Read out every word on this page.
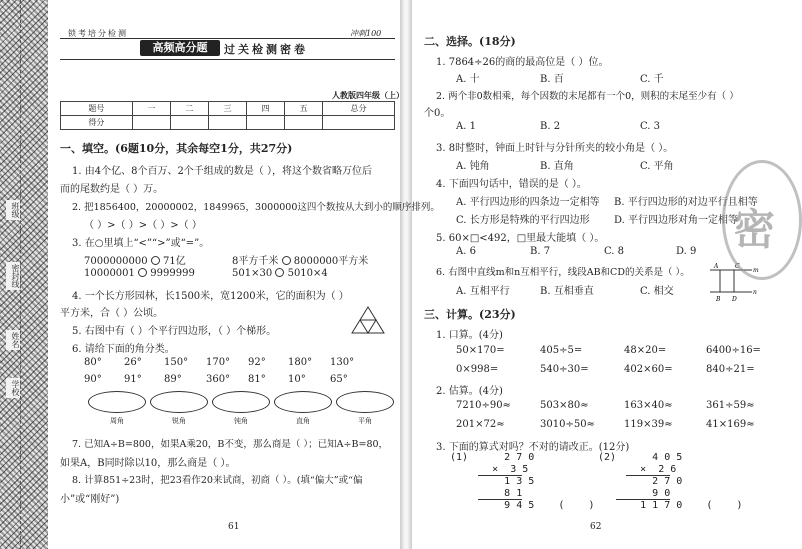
班级
密封线
姓名
学校
锁考培分检测	冲刺100
高频高分题	过关检测密卷
人教版四年级（上）
题号	一	二	三	四	五	总分
得分						
一、填空。(6题10分，其余每空1分，共27分)
1. 由4个亿、8个百万、2个千组成的数是（ ），将这个数省略万位后
而的尾数约是（ ）万。
2. 把1856400，20000002，1849965，3000000这四个数按从大到小的顺序排列。
（ ）>（ ）>（ ）>（ ）
3. 在○里填上“<”“>”或“=”。
7000000000 71亿	8平方千米 8000000平方米
10000001 9999999	501×30 5010×4
4. 一个长方形园林，长1500米，宽1200米，它的面积为（ ）
平方米，合（ ）公顷。
5. 右图中有（ ）个平行四边形，（ ）个梯形。
6. 请给下面的角分类。
80° 26° 150° 170° 92° 180° 130°
90° 91° 89° 360° 81° 10° 65°
周角	锐角	钝角	直角	平角
7. 已知A÷B=800，如果A乘20，B不变，那么商是（ ）；已知A÷B=80，
如果A，B同时除以10，那么商是（ ）。
8. 计算851÷23时，把23看作20来试商，初商（ ）。(填“偏大”或“偏
小”或“刚好”)
61
二、选择。(18分)
1. 7864÷26的商的最高位是（ ）位。
A. 十	B. 百	C. 千
2. 两个非0数相乘，每个因数的末尾都有一个0，则积的末尾至少有（ ）
个0。
A. 1	B. 2	C. 3
3. 8时整时，钟面上时针与分针所夹的较小角是（ ）。
A. 钝角	B. 直角	C. 平角
4. 下面四句话中，错误的是（ ）。
A. 平行四边形的四条边一定相等 B. 平行四边形的对边平行且相等
C. 长方形是特殊的平行四边形 D. 平行四边形对角一定相等
5. 60×□<492，□里最大能填（ ）。
A. 6	B. 7	C. 8	D. 9
6. 右图中直线m和n互相平行，线段AB和CD的关系是（ ）。
A. 互相平行	B. 互相垂直	C. 相交
A	C
m
n
B D
密
三、计算。(23分)
1. 口算。(4分)
50×170=	405÷5=	48×20=	6400÷16=
0×998=	540÷30=	402×60=	840÷21=
2. 估算。(4分)
7210÷90≈	503×80≈	163×40≈	361÷59≈
201×72≈	3010÷50≈	119×39≈	41×169≈
3. 下面的算式对吗？不对的请改正。(12分)
(1)      2 7 0
×  3 5
1 3 5
8 1
9 4 5    (    )
(2)      4 0 5
×  2 6
2 7 0
9 0
1 1 7 0    (    )
62
